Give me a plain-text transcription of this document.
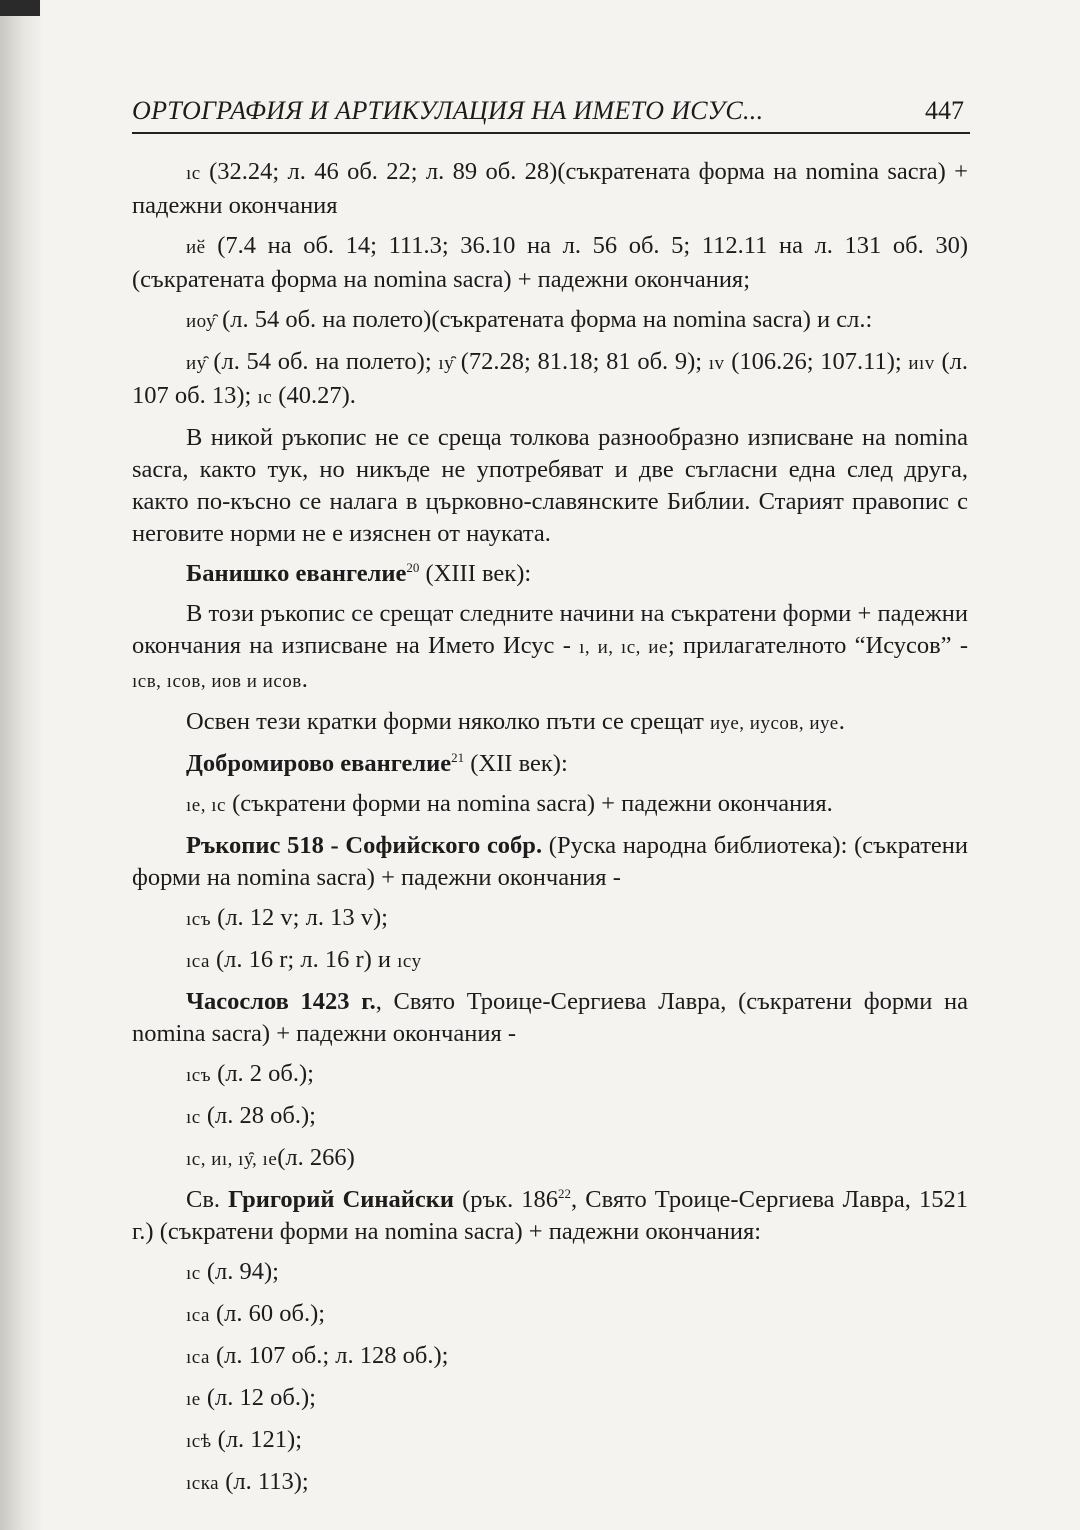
ОРТОГРАФИЯ И АРТИКУЛАЦИЯ НА ИМЕТО ИСУС...	447

ıс (32.24; л. 46 об. 22; л. 89 об. 28)(съкратената форма на nomina sacra) + падежни окончания

иӗ (7.4 на об. 14; 111.3; 36.10 на л. 56 об. 5; 112.11 на л. 131 об. 30) (съкратената форма на nomina sacra) + падежни окончания;

иоу̑ (л. 54 об. на полето)(съкратената форма на nomina sacra) и сл.:

иу̑ (л. 54 об. на полето); ıу̑ (72.28; 81.18; 81 об. 9); ıv (106.26; 107.11); иıv (л. 107 об. 13); ıс (40.27).

В никой ръкопис не се среща толкова разнообразно изписване на nomina sacra, както тук, но никъде не употребяват и две съгласни една след друга, както по-късно се налага в църковно-славянските Библии. Старият правопис с неговите норми не е изяснен от науката.

Банишко евангелие$^{20}$ (XIII век):

В този ръкопис се срещат следните начини на съкратени форми + падежни окончания на изписване на Името Исус - ı, и, ıс, ие; прилагателното “Исусов” - ıсв, ıсов, иов и исов.

Освен тези кратки форми няколко пъти се срещат иуе, иусов, иуе.

Добромирово евангелие$^{21}$ (XII век):

ıе, ıс (съкратени форми на nomina sacra) + падежни окончания.

Ръкопис 518 - Софийского собр. (Руска народна библиотека): (съкратени форми на nomina sacra) + падежни окончания -

ıсъ (л. 12 v; л. 13 v);

ıса (л. 16 r; л. 16 r) и ıсу

Часослов 1423 г., Свято Троице-Сергиева Лавра, (съкратени форми на nomina sacra) + падежни окончания -

ıсъ (л. 2 об.);

ıс (л. 28 об.);

ıс, иı, ıу̑, ıе(л. 266)

Св. Григорий Синайски (рък. $186^{22}$, Свято Троице-Сергиева Лавра, 1521 г.) (съкратени форми на nomina sacra) + падежни окончания:

ıс (л. 94);

ıса (л. 60 об.);

ıса (л. 107 об.; л. 128 об.);

ıе (л. 12 об.);

ıсѣ (л. 121);

ıска (л. 113);
